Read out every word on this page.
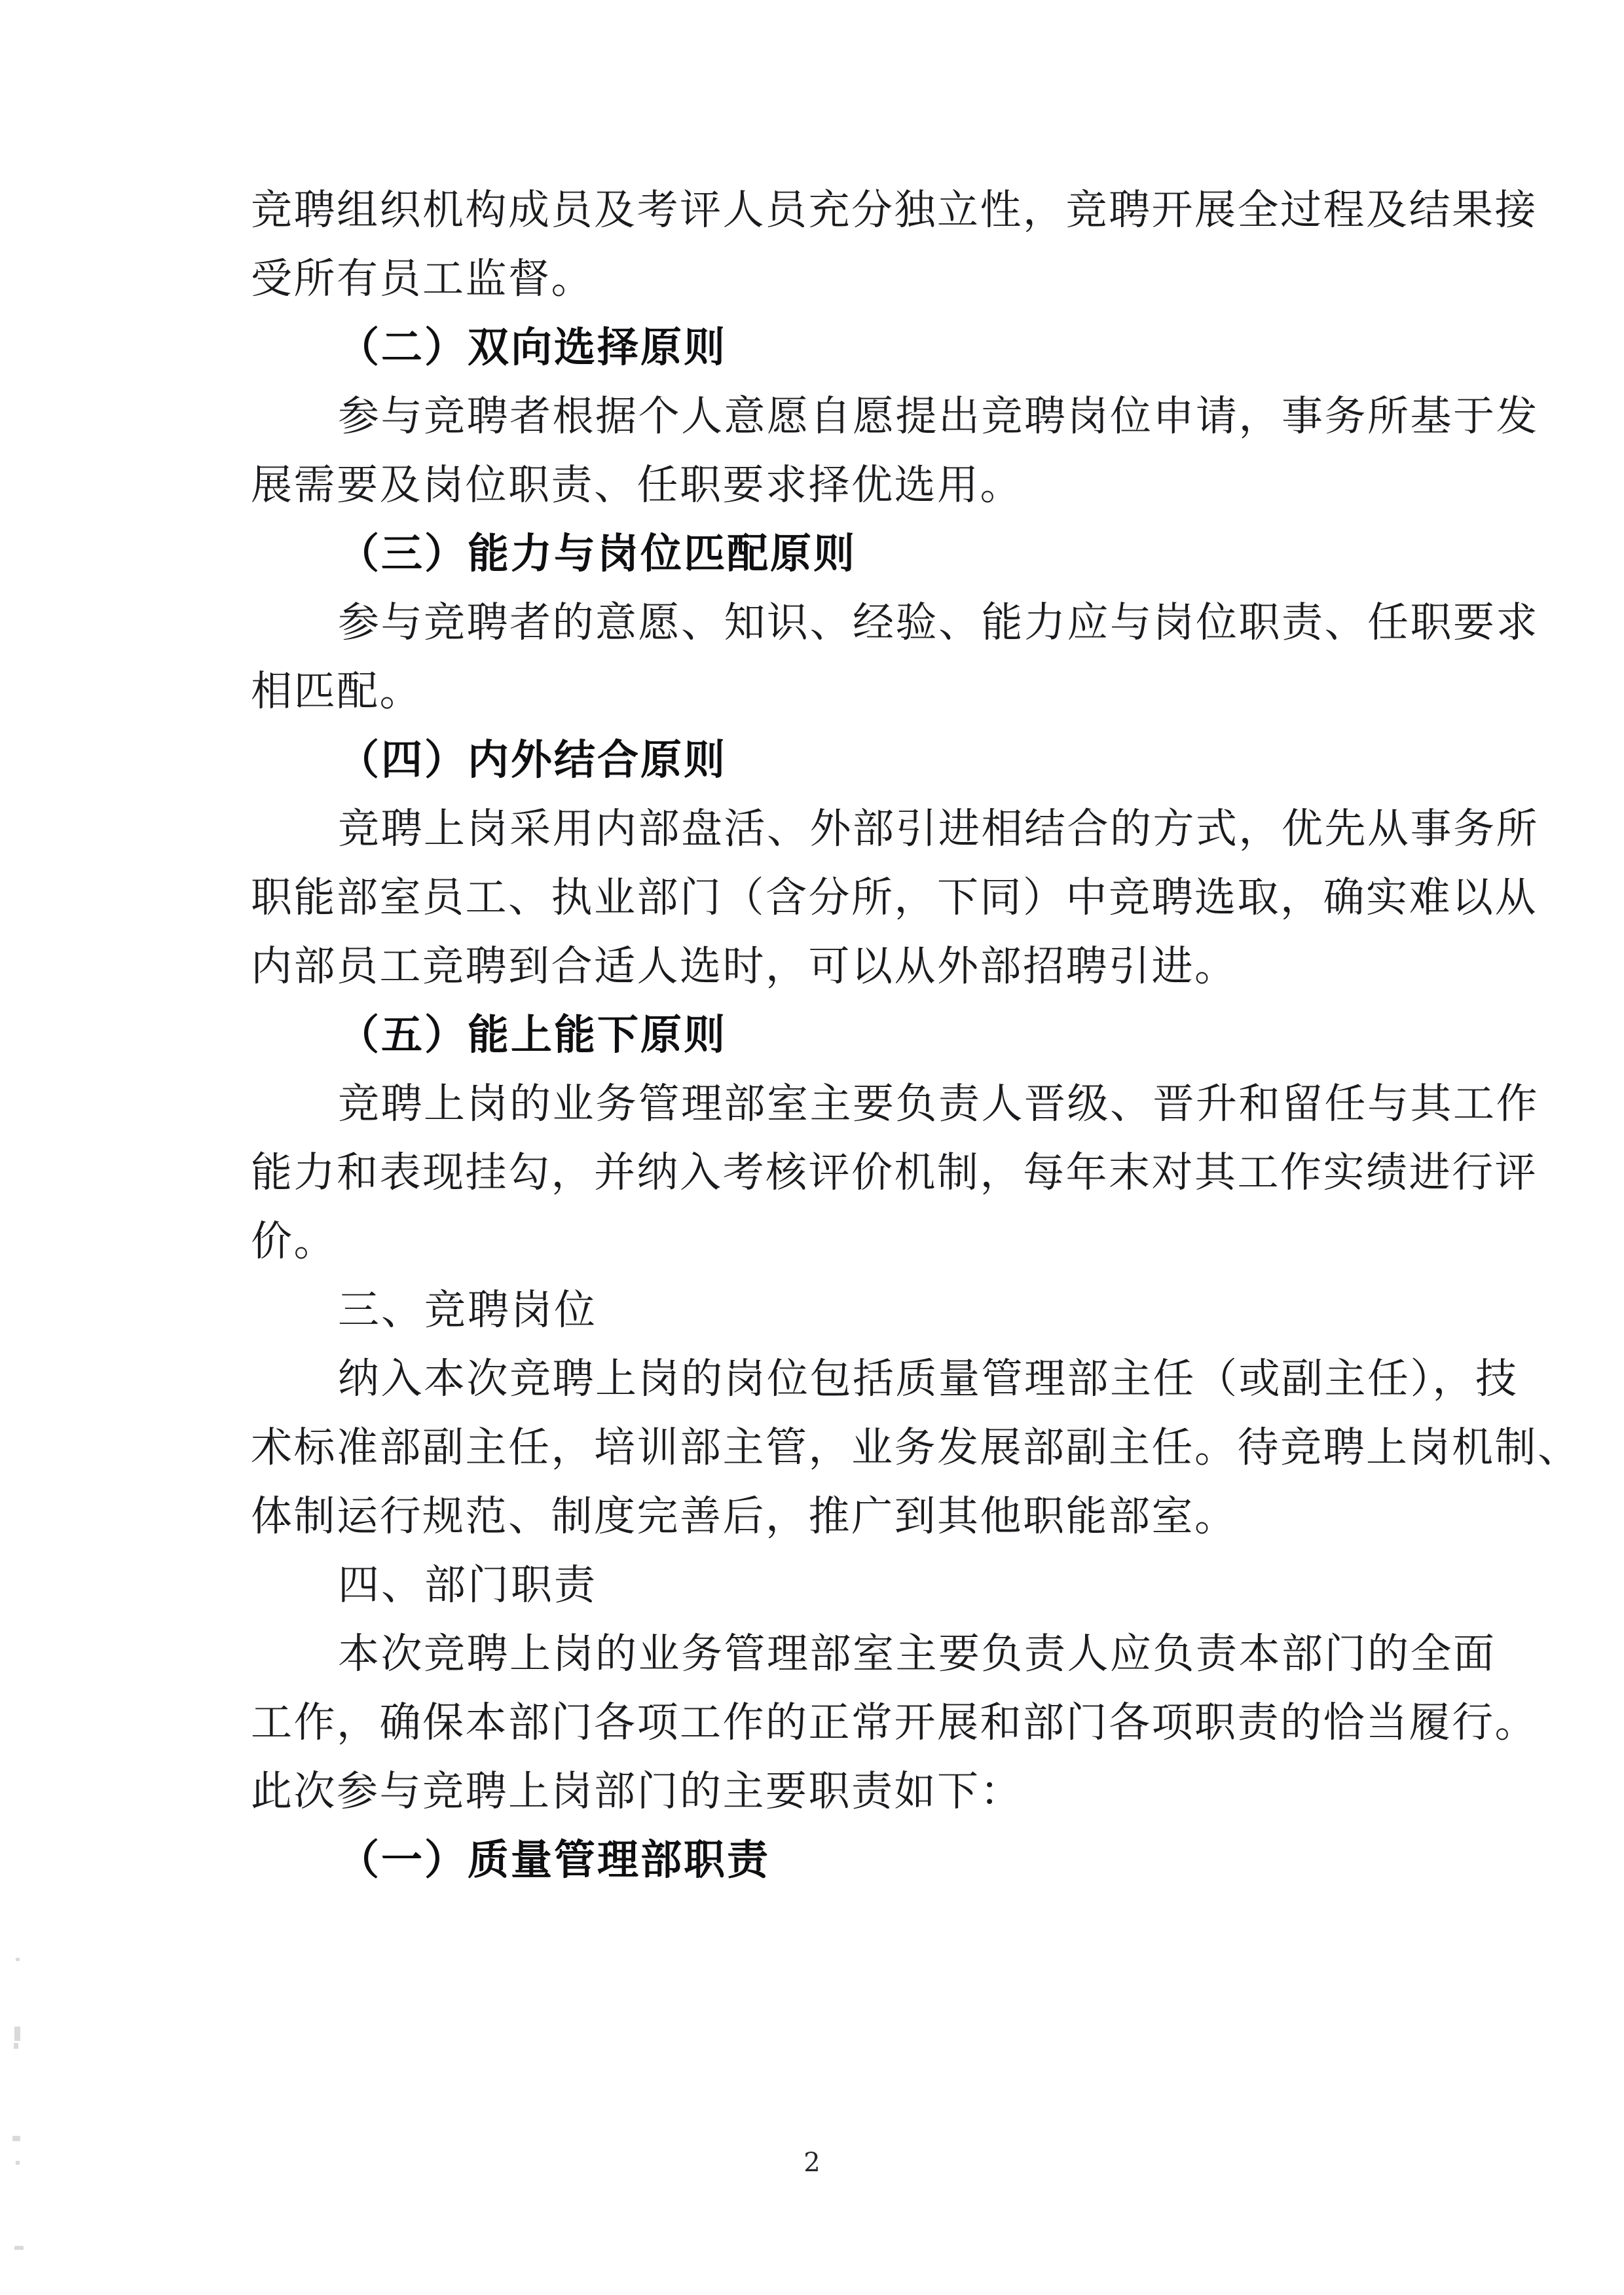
竞聘组织机构成员及考评人员充分独立性，竞聘开展全过程及结果接
受所有员工监督。
（二）双向选择原则
参与竞聘者根据个人意愿自愿提出竞聘岗位申请，事务所基于发
展需要及岗位职责、任职要求择优选用。
（三）能力与岗位匹配原则
参与竞聘者的意愿、知识、经验、能力应与岗位职责、任职要求
相匹配。
（四）内外结合原则
竞聘上岗采用内部盘活、外部引进相结合的方式，优先从事务所
职能部室员工、执业部门（含分所，下同）中竞聘选取，确实难以从
内部员工竞聘到合适人选时，可以从外部招聘引进。
（五）能上能下原则
竞聘上岗的业务管理部室主要负责人晋级、晋升和留任与其工作
能力和表现挂勾，并纳入考核评价机制，每年末对其工作实绩进行评
价。
三、竞聘岗位
纳入本次竞聘上岗的岗位包括质量管理部主任（或副主任），技
术标准部副主任，培训部主管，业务发展部副主任。待竞聘上岗机制、
体制运行规范、制度完善后，推广到其他职能部室。
四、部门职责
本次竞聘上岗的业务管理部室主要负责人应负责本部门的全面
工作，确保本部门各项工作的正常开展和部门各项职责的恰当履行。
此次参与竞聘上岗部门的主要职责如下：
（一）质量管理部职责
2
